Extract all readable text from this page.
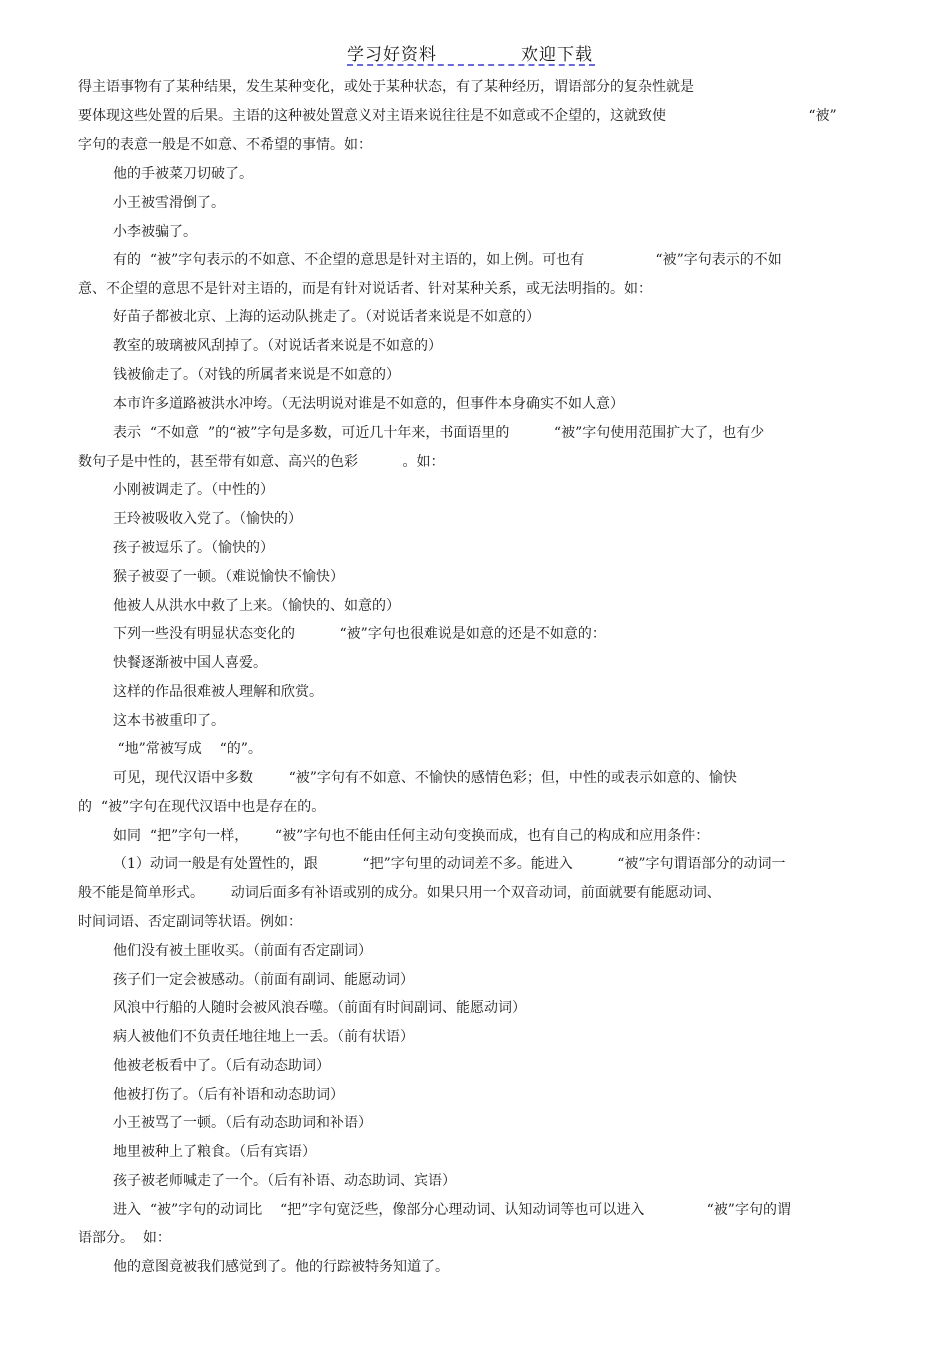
学习好资料	欢迎下载
得主语事物有了某种结果，发生某种变化，或处于某种状态，有了某种经历，谓语部分的复杂性就是
要体现这些处置的后果。主语的这种被处置意义对主语来说往往是不如意或不企望的，这就致使                                “被”
字句的表意一般是不如意、不希望的事情。如：
他的手被菜刀切破了。
小王被雪滑倒了。
小李被骗了。
有的  “被”字句表示的不如意、不企望的意思是针对主语的，如上例。可也有                “被”字句表示的不如
意、不企望的意思不是针对主语的，而是有针对说话者、针对某种关系，或无法明指的。如：
好苗子都被北京、上海的运动队挑走了。（对说话者来说是不如意的）
教室的玻璃被风刮掉了。（对说话者来说是不如意的）
钱被偷走了。（对钱的所属者来说是不如意的）
本市许多道路被洪水冲垮。（无法明说对谁是不如意的，但事件本身确实不如人意）
表示  “不如意  ”的“被”字句是多数，可近几十年来，书面语里的          “被”字句使用范围扩大了，也有少
数句子是中性的，甚至带有如意、高兴的色彩          。如：
小刚被调走了。（中性的）
王玲被吸收入党了。（愉快的）
孩子被逗乐了。（愉快的）
猴子被耍了一顿。（难说愉快不愉快）
他被人从洪水中救了上来。（愉快的、如意的）
下列一些没有明显状态变化的          “被”字句也很难说是如意的还是不如意的：
快餐逐渐被中国人喜爱。
这样的作品很难被人理解和欣赏。
这本书被重印了。
“地”常被写成    “的”。
可见，现代汉语中多数        “被”字句有不如意、不愉快的感情色彩；但，中性的或表示如意的、愉快
的  “被”字句在现代汉语中也是存在的。
如同  “把”字句一样，      “被”字句也不能由任何主动句变换而成，也有自己的构成和应用条件：
（1）动词一般是有处置性的，跟          “把”字句里的动词差不多。能进入          “被”字句谓语部分的动词一
般不能是简单形式。      动词后面多有补语或别的成分。如果只用一个双音动词，前面就要有能愿动词、
时间词语、否定副词等状语。例如：
他们没有被土匪收买。（前面有否定副词）
孩子们一定会被感动。（前面有副词、能愿动词）
风浪中行船的人随时会被风浪吞噬。（前面有时间副词、能愿动词）
病人被他们不负责任地往地上一丢。（前有状语）
他被老板看中了。（后有动态助词）
他被打伤了。（后有补语和动态助词）
小王被骂了一顿。（后有动态助词和补语）
地里被种上了粮食。（后有宾语）
孩子被老师喊走了一个。（后有补语、动态助词、宾语）
进入  “被”字句的动词比    “把”字句宽泛些，像部分心理动词、认知动词等也可以进入              “被”字句的谓
语部分。  如：
他的意图竟被我们感觉到了。他的行踪被特务知道了。
